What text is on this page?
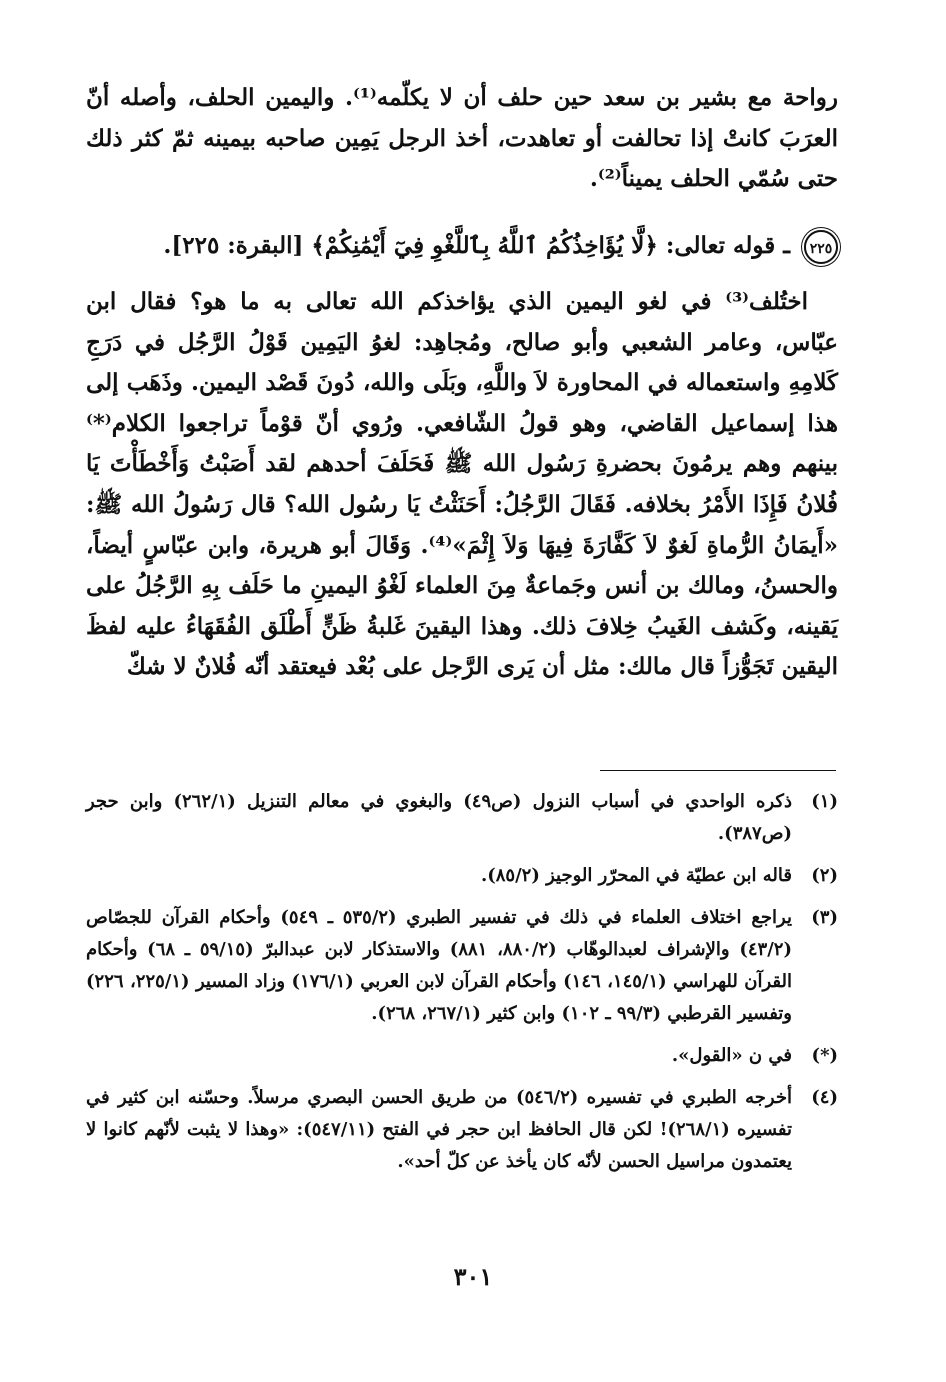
رواحة مع بشير بن سعد حين حلف أن لا يكلّمه⁽¹⁾. واليمين الحلف، وأصله أنّ العرَبَ كانتْ إذا تحالفت أو تعاهدت، أخذ الرجل يَمِين صاحبه بيمينه ثمّ كثر ذلك حتى سُمّي الحلف يميناً⁽²⁾.

٢٢٥ ـ قوله تعالى: ﴿لَّا يُؤَاخِذُكُمُ ٱللَّهُ بِٱللَّغْوِ فِيٓ أَيْمَٰنِكُمْ﴾ [البقرة: ٢٢٥].

اختُلف⁽³⁾ في لغو اليمين الذي يؤاخذكم الله تعالى به ما هو؟ فقال ابن عبّاس، وعامر الشعبي وأبو صالح، ومُجاهِد: لغوُ اليَمِين قَوْلُ الرَّجُل في دَرَجِ كَلامِهِ واستعماله في المحاورة لاَ واللَّهِ، وبَلَى والله، دُونَ قَصْد اليمين. وذَهَب إلى هذا إسماعيل القاضي، وهو قولُ الشّافعي. ورُوي أنّ قوْماً تراجعوا الكلام⁽*⁾ بينهم وهم يرمُونَ بحضرةِ رَسُول الله ﷺ فَحَلَفَ أحدهم لقد أَصَبْتُ وَأَخْطَأْتَ يَا فُلانُ فَإِذَا الأَمْرُ بخلافه. فَقَالَ الرَّجُلُ: أَحَنَثْتُ يَا رسُول الله؟ قال رَسُولُ الله ﷺ: «أَيمَانُ الرُّماةِ لَغوٌ لاَ كَفَّارَةَ فِيهَا وَلاَ إِثْمَ»⁽⁴⁾. وَقَالَ أبو هريرة، وابن عبّاسٍ أيضاً، والحسنُ، ومالك بن أنس وجَماعةٌ مِنَ العلماء لَغْوُ اليمينِ ما حَلَف بِهِ الرَّجُلُ على يَقينه، وكَشف الغَيبُ خِلافَ ذلك. وهذا اليقينَ غَلبةُ ظَنٍّ أَطْلَق الفُقَهَاءُ عليه لفظَ اليقين تَجَوُّزاً قال مالك: مثل أن يَرى الرَّجل على بُعْد فيعتقد أنّه فُلانٌ لا شكّ

(١)
ذكره الواحدي في أسباب النزول (ص٤٩) والبغوي في معالم التنزيل (٢٦٢/١) وابن حجر (ص٣٨٧).
(٢)
قاله ابن عطيّة في المحرّر الوجيز (٨٥/٢).
(٣)
يراجع اختلاف العلماء في ذلك في تفسير الطبري (٥٣٥/٢ ـ ٥٤٩) وأحكام القرآن للجصّاص (٤٣/٢) والإشراف لعبدالوهّاب (٨٨٠/٢، ٨٨١) والاستذكار لابن عبدالبرّ (٥٩/١٥ ـ ٦٨) وأحكام القرآن للهراسي (١٤٥/١، ١٤٦) وأحكام القرآن لابن العربي (١٧٦/١) وزاد المسير (٢٢٥/١، ٢٢٦) وتفسير القرطبي (٩٩/٣ ـ ١٠٢) وابن كثير (٢٦٧/١، ٢٦٨).
(*)
في ن «القول».
(٤)
أخرجه الطبري في تفسيره (٥٤٦/٢) من طريق الحسن البصري مرسلاً. وحسّنه ابن كثير في تفسيره (٢٦٨/١)! لكن قال الحافظ ابن حجر في الفتح (٥٤٧/١١): «وهذا لا يثبت لأنّهم كانوا لا يعتمدون مراسيل الحسن لأنّه كان يأخذ عن كلّ أحد».

٣٠١
